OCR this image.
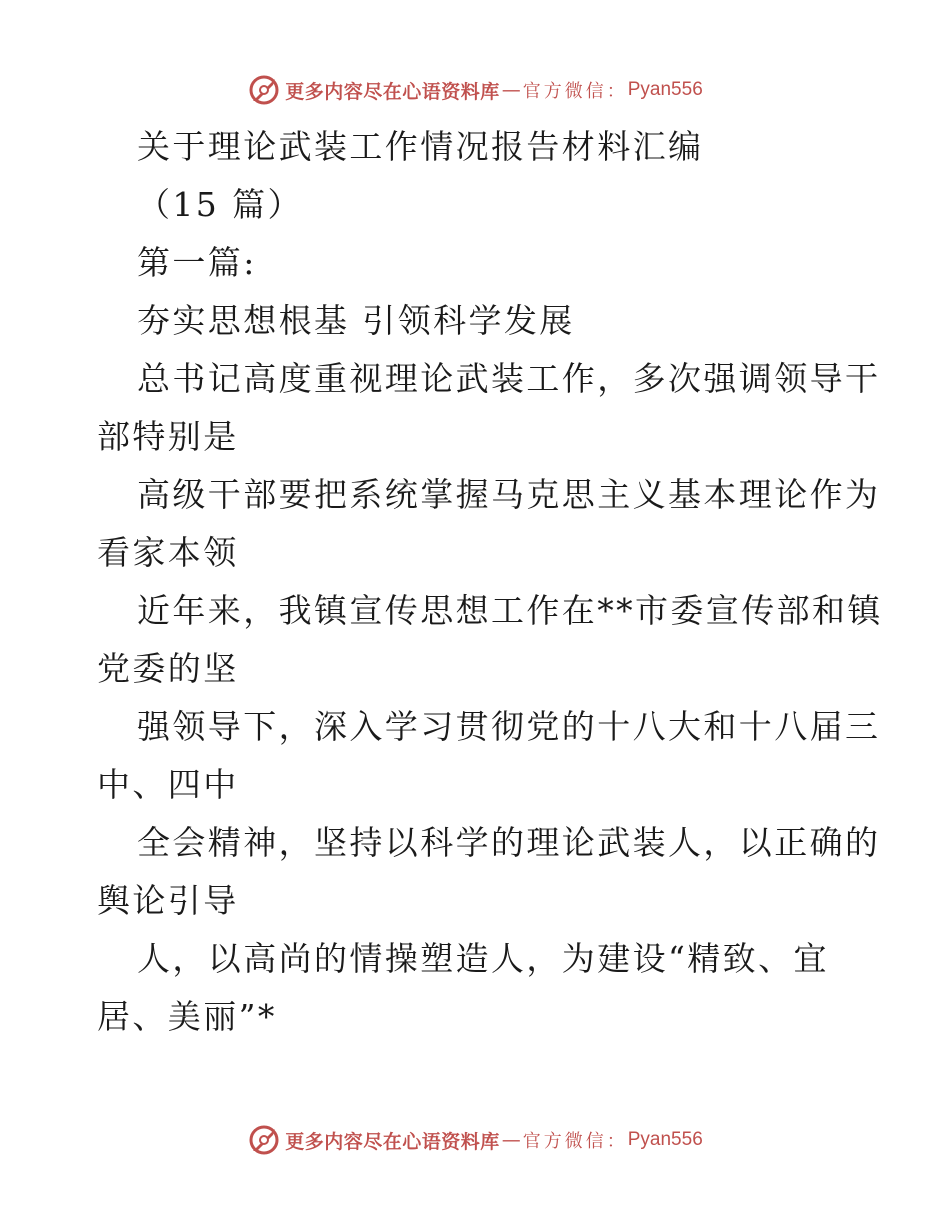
更多内容尽在心语资料库 — 官方微信： Pyan556
关于理论武装工作情况报告材料汇编
（15 篇）
第一篇:
夯实思想根基 引领科学发展
总书记高度重视理论武装工作，多次强调领导干
部特别是
高级干部要把系统掌握马克思主义基本理论作为
看家本领
近年来，我镇宣传思想工作在**市委宣传部和镇
党委的坚
强领导下，深入学习贯彻党的十八大和十八届三
中、四中
全会精神，坚持以科学的理论武装人，以正确的
舆论引导
人，以高尚的情操塑造人，为建设“精致、宜
居、美丽”*
更多内容尽在心语资料库 — 官方微信： Pyan556
